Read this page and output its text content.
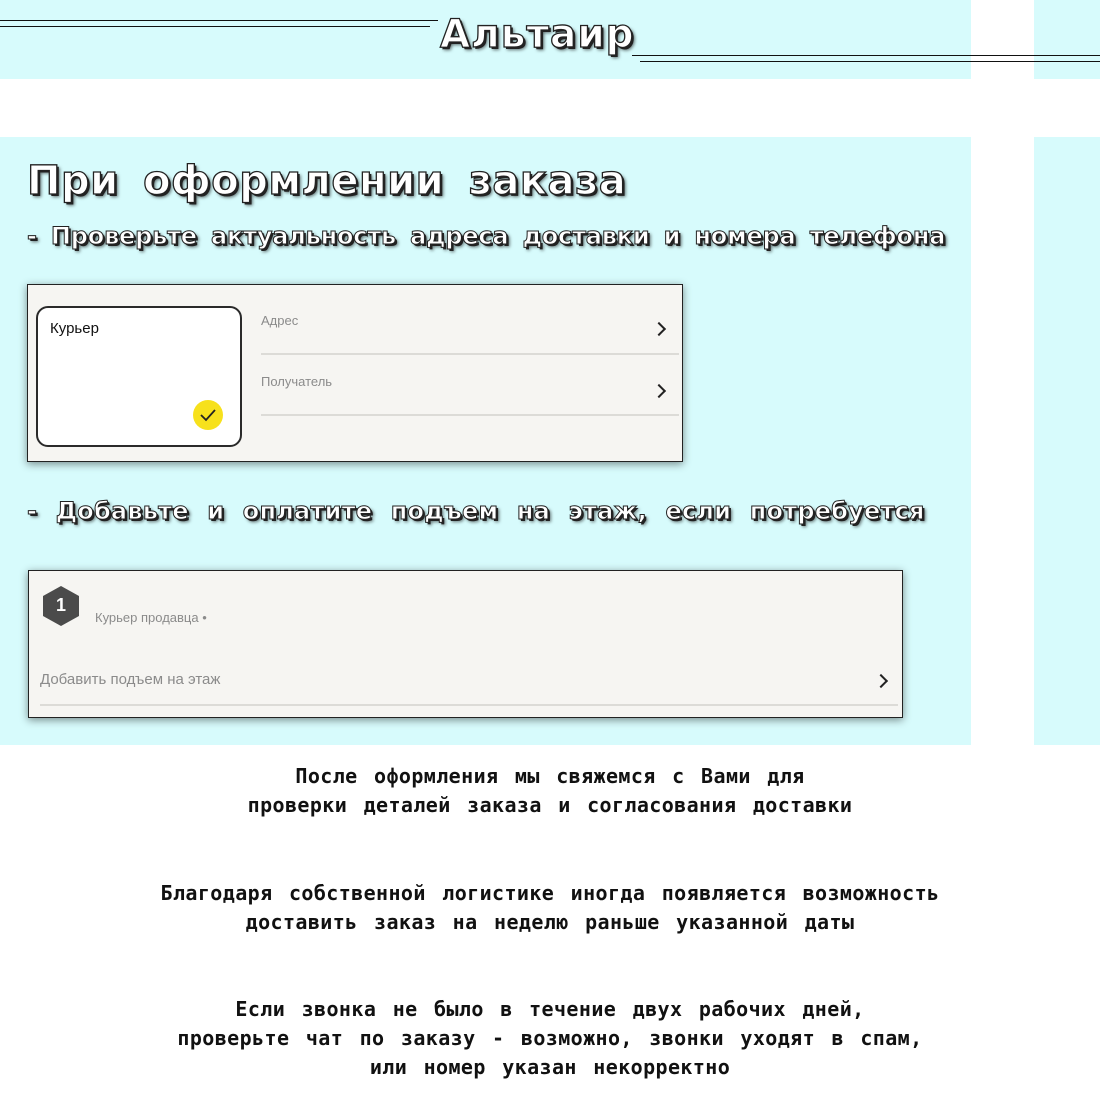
Альтаир
При оформлении заказа
- Проверьте актуальность адреса доставки и номера телефона
- Добавьте и оплатите подъем на этаж, если потребуется
Курьер	Адрес
Получатель
1
Курьер продавца •
Добавить подъем на этаж
После оформления мы свяжемся с Вами для
проверки деталей заказа и согласования доставки
Благодаря собственной логистике иногда появляется возможность
доставить заказ на неделю раньше указанной даты
Если звонка не было в течение двух рабочих дней,
проверьте чат по заказу - возможно, звонки уходят в спам,
или номер указан некорректно
